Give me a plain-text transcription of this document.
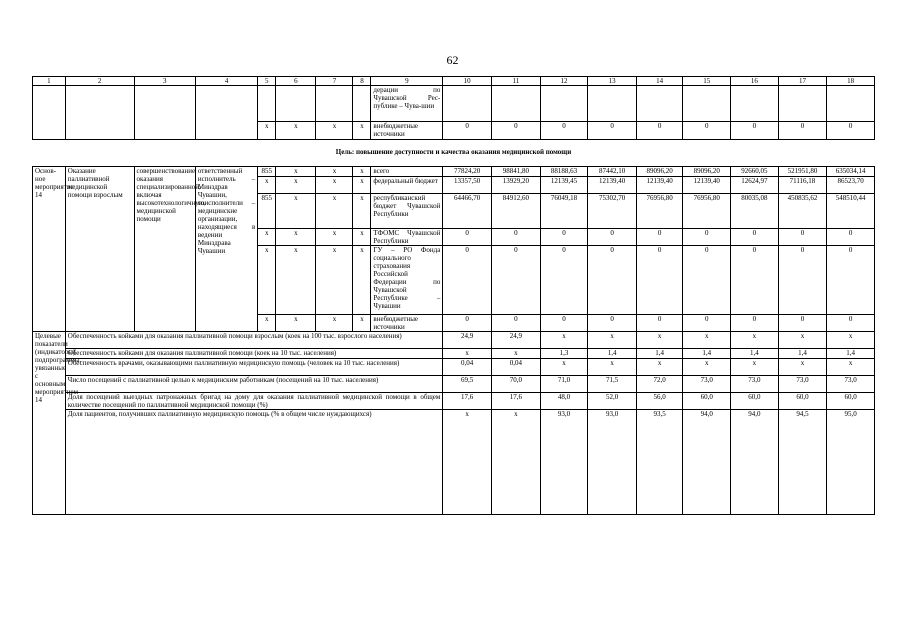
62
1	2	3	4	5	6	7	8	9	10	11	12	13	14	15	16	17	18
								дерации по Чувашской Рес-публике – Чува-шии									
				х	х	х	х	внебюджетные источники	0	0	0	0	0	0	0	0	0
Цель: повышение доступности и качества оказания медицинской помощи																	
Основ-ное мероприятие 14	Оказание паллиативной медицинской помощи взрослым	совершенствование оказания специализированной, включая высокотехнологичную, медицинской помощи	ответственный исполнитель – Минздрав Чувашии, соисполнители – медицинские организации, находящиеся в ведении Минздрава Чувашии	855	х	х	х	всего	77824,20	98841,80	88188,63	87442,10	89096,20	89096,20	92660,05	521951,80	635034,14
				х	х	х	х	федеральный бюджет	13357,50	13929,20	12139,45	12139,40	12139,40	12139,40	12624,97	71116,18	86523,70
				855	х	х	х	республиканский бюджет Чувашской Республики	64466,70	84912,60	76049,18	75302,70	76956,80	76956,80	80035,08	450835,62	548510,44
				х	х	х	х	ТФОМС Чувашской Республики	0	0	0	0	0	0	0	0	0
				х	х	х	х	ГУ – РО Фонда социального страхования Российской Федерации по Чувашской Республике – Чувашии	0	0	0	0	0	0	0	0	0
				х	х	х	х	внебюджетные источники	0	0	0	0	0	0	0	0	0
Целевые показатели (индикаторы) подпрограммы, увязанные с основным мероприятием 14	Обеспеченность койками для оказания паллиативной помощи взрослым (коек на 100 тыс. взрослого населения)								24,9	24,9	х	х	х	х	х	х	х
	Обеспеченность койками для оказания паллиативной помощи (коек на 10 тыс. населения)								х	х	1,3	1,4	1,4	1,4	1,4	1,4	1,4
	Обеспеченность врачами, оказывающими паллиативную медицинскую помощь (человек на 10 тыс. населения)								0,04	0,04	х	х	х	х	х	х	х
	Число посещений с паллиативной целью к медицинским работникам (посещений на 10 тыс. населения)								69,5	70,0	71,0	71,5	72,0	73,0	73,0	73,0	73,0
	Доля посещений выездных патронажных бригад на дому для оказания паллиативной медицинской помощи в общем количестве посещений по паллиативной медицинской помощи (%)								17,6	17,6	48,0	52,0	56,0	60,0	60,0	60,0	60,0
	Доля пациентов, получивших паллиативную медицинскую помощь (% в общем числе нуждающихся)								х	х	93,0	93,0	93,5	94,0	94,0	94,5	95,0
